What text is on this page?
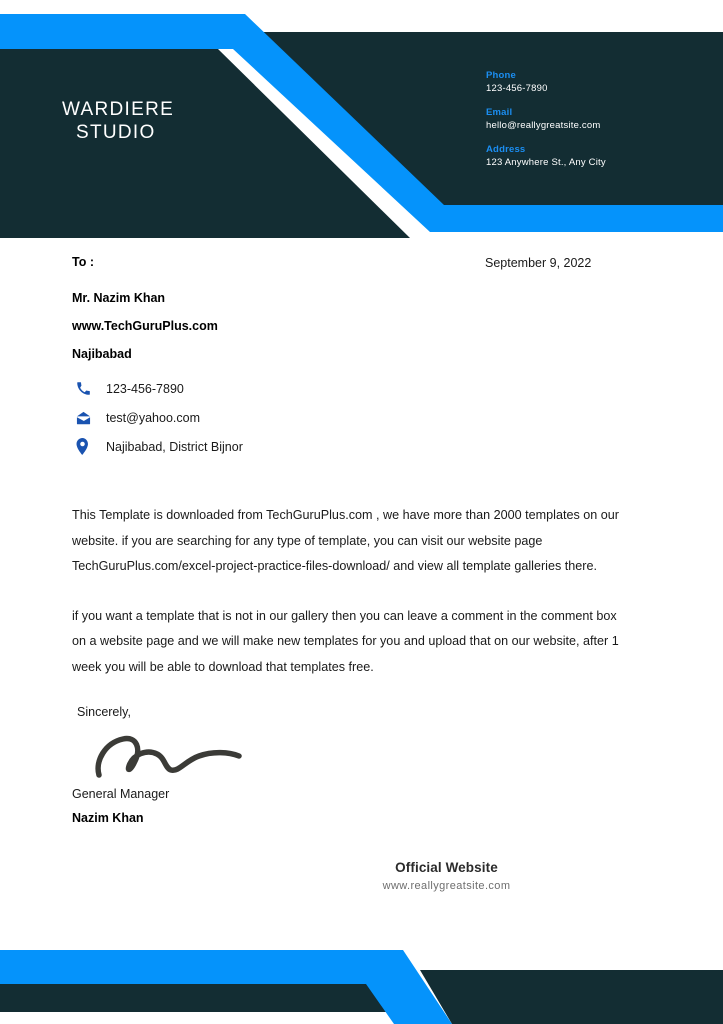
WARDIERE
STUDIO
Phone
123-456-7890
Email
hello@reallygreatsite.com
Address
123 Anywhere St., Any City
To :	September 9, 2022
Mr. Nazim Khan
www.TechGuruPlus.com
Najibabad
123-456-7890
test@yahoo.com
Najibabad, District Bijnor

This Template is downloaded from TechGuruPlus.com , we have more than 2000 templates on our website. if you are searching for any type of template, you can visit our website page TechGuruPlus.com/excel-project-practice-files-download/ and view all template galleries there.

if you want a template that is not in our gallery then you can leave a comment in the comment box on a website page and we will make new templates for you and upload that on our website, after 1 week you will be able to download that templates free.

Sincerely,
General Manager
Nazim Khan
Official Website
www.reallygreatsite.com
